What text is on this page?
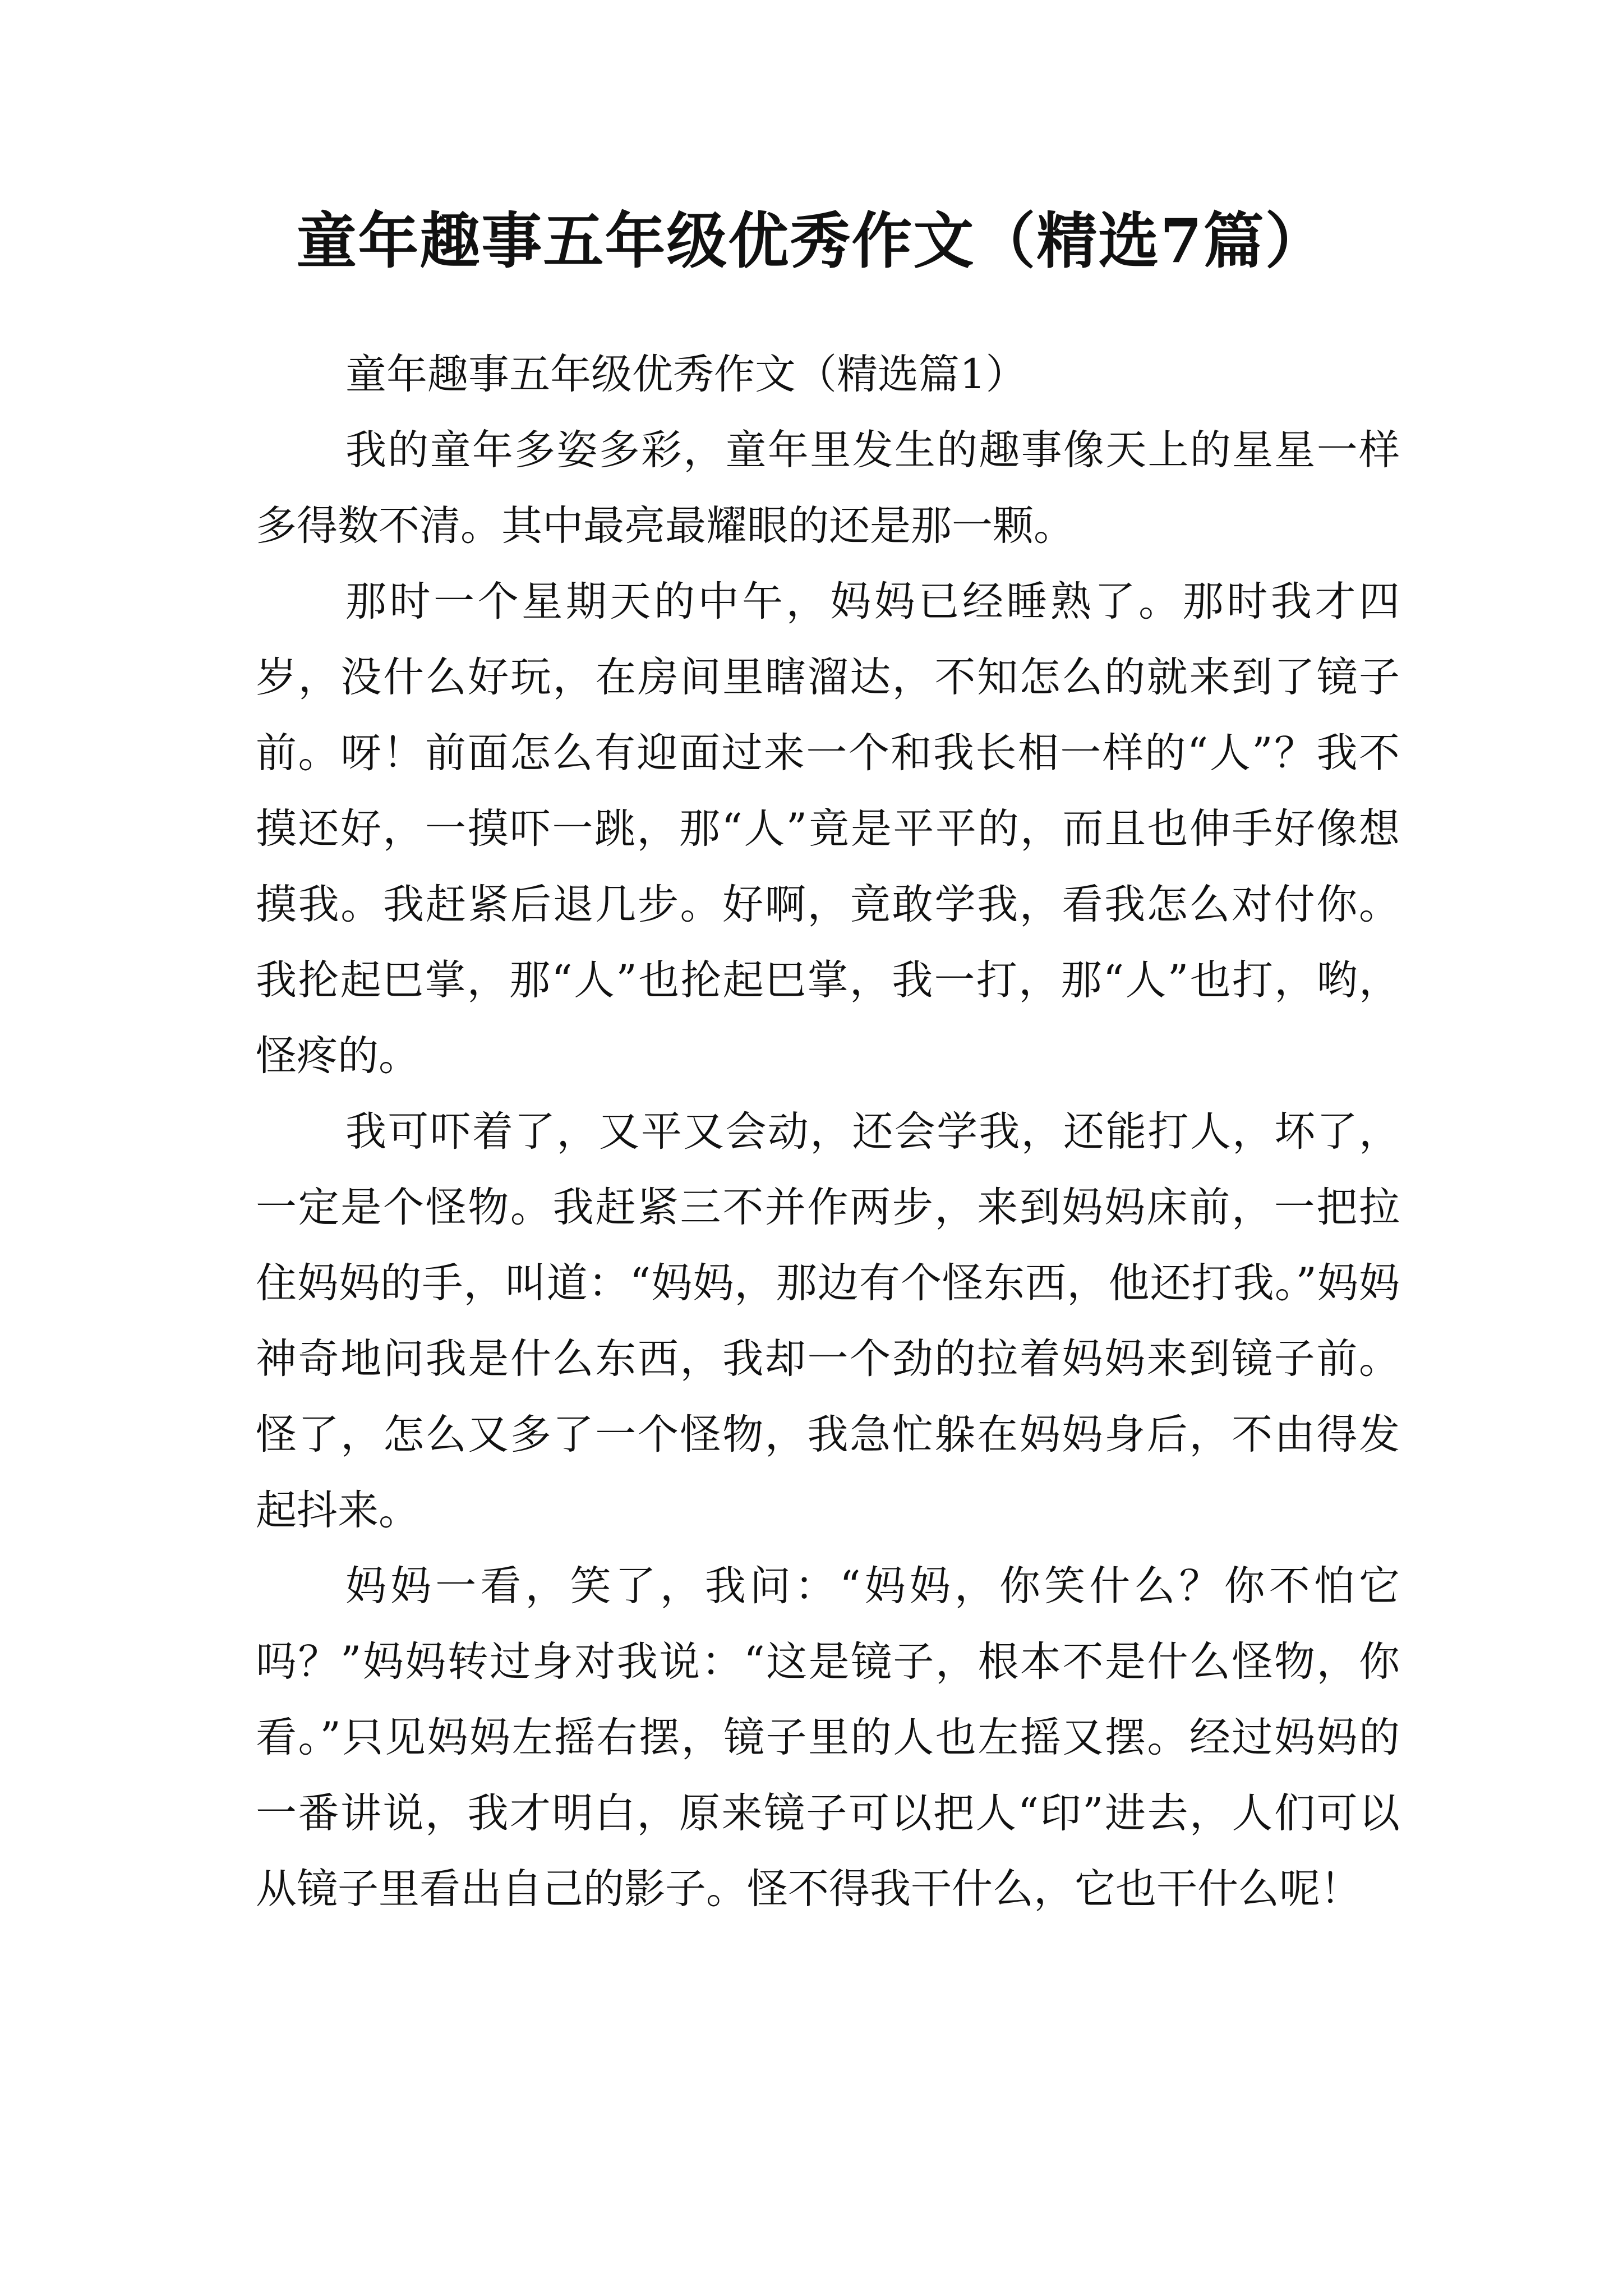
童年趣事五年级优秀作文（精选7篇）

童年趣事五年级优秀作文（精选篇1）

我的童年多姿多彩，童年里发生的趣事像天上的星星一样多得数不清。其中最亮最耀眼的还是那一颗。

那时一个星期天的中午，妈妈已经睡熟了。那时我才四岁，没什么好玩，在房间里瞎溜达，不知怎么的就来到了镜子前。呀！前面怎么有迎面过来一个和我长相一样的“人”？我不摸还好，一摸吓一跳，那“人”竟是平平的，而且也伸手好像想摸我。我赶紧后退几步。好啊，竟敢学我，看我怎么对付你。我抡起巴掌，那“人”也抡起巴掌，我一打，那“人”也打，哟，怪疼的。

我可吓着了，又平又会动，还会学我，还能打人，坏了，一定是个怪物。我赶紧三不并作两步，来到妈妈床前，一把拉住妈妈的手，叫道：“妈妈，那边有个怪东西，他还打我。”妈妈神奇地问我是什么东西，我却一个劲的拉着妈妈来到镜子前。怪了，怎么又多了一个怪物，我急忙躲在妈妈身后，不由得发起抖来。

妈妈一看，笑了，我问：“妈妈，你笑什么？你不怕它吗？”妈妈转过身对我说：“这是镜子，根本不是什么怪物，你看。”只见妈妈左摇右摆，镜子里的人也左摇又摆。经过妈妈的一番讲说，我才明白，原来镜子可以把人“印”进去，人们可以从镜子里看出自己的影子。怪不得我干什么，它也干什么呢！
